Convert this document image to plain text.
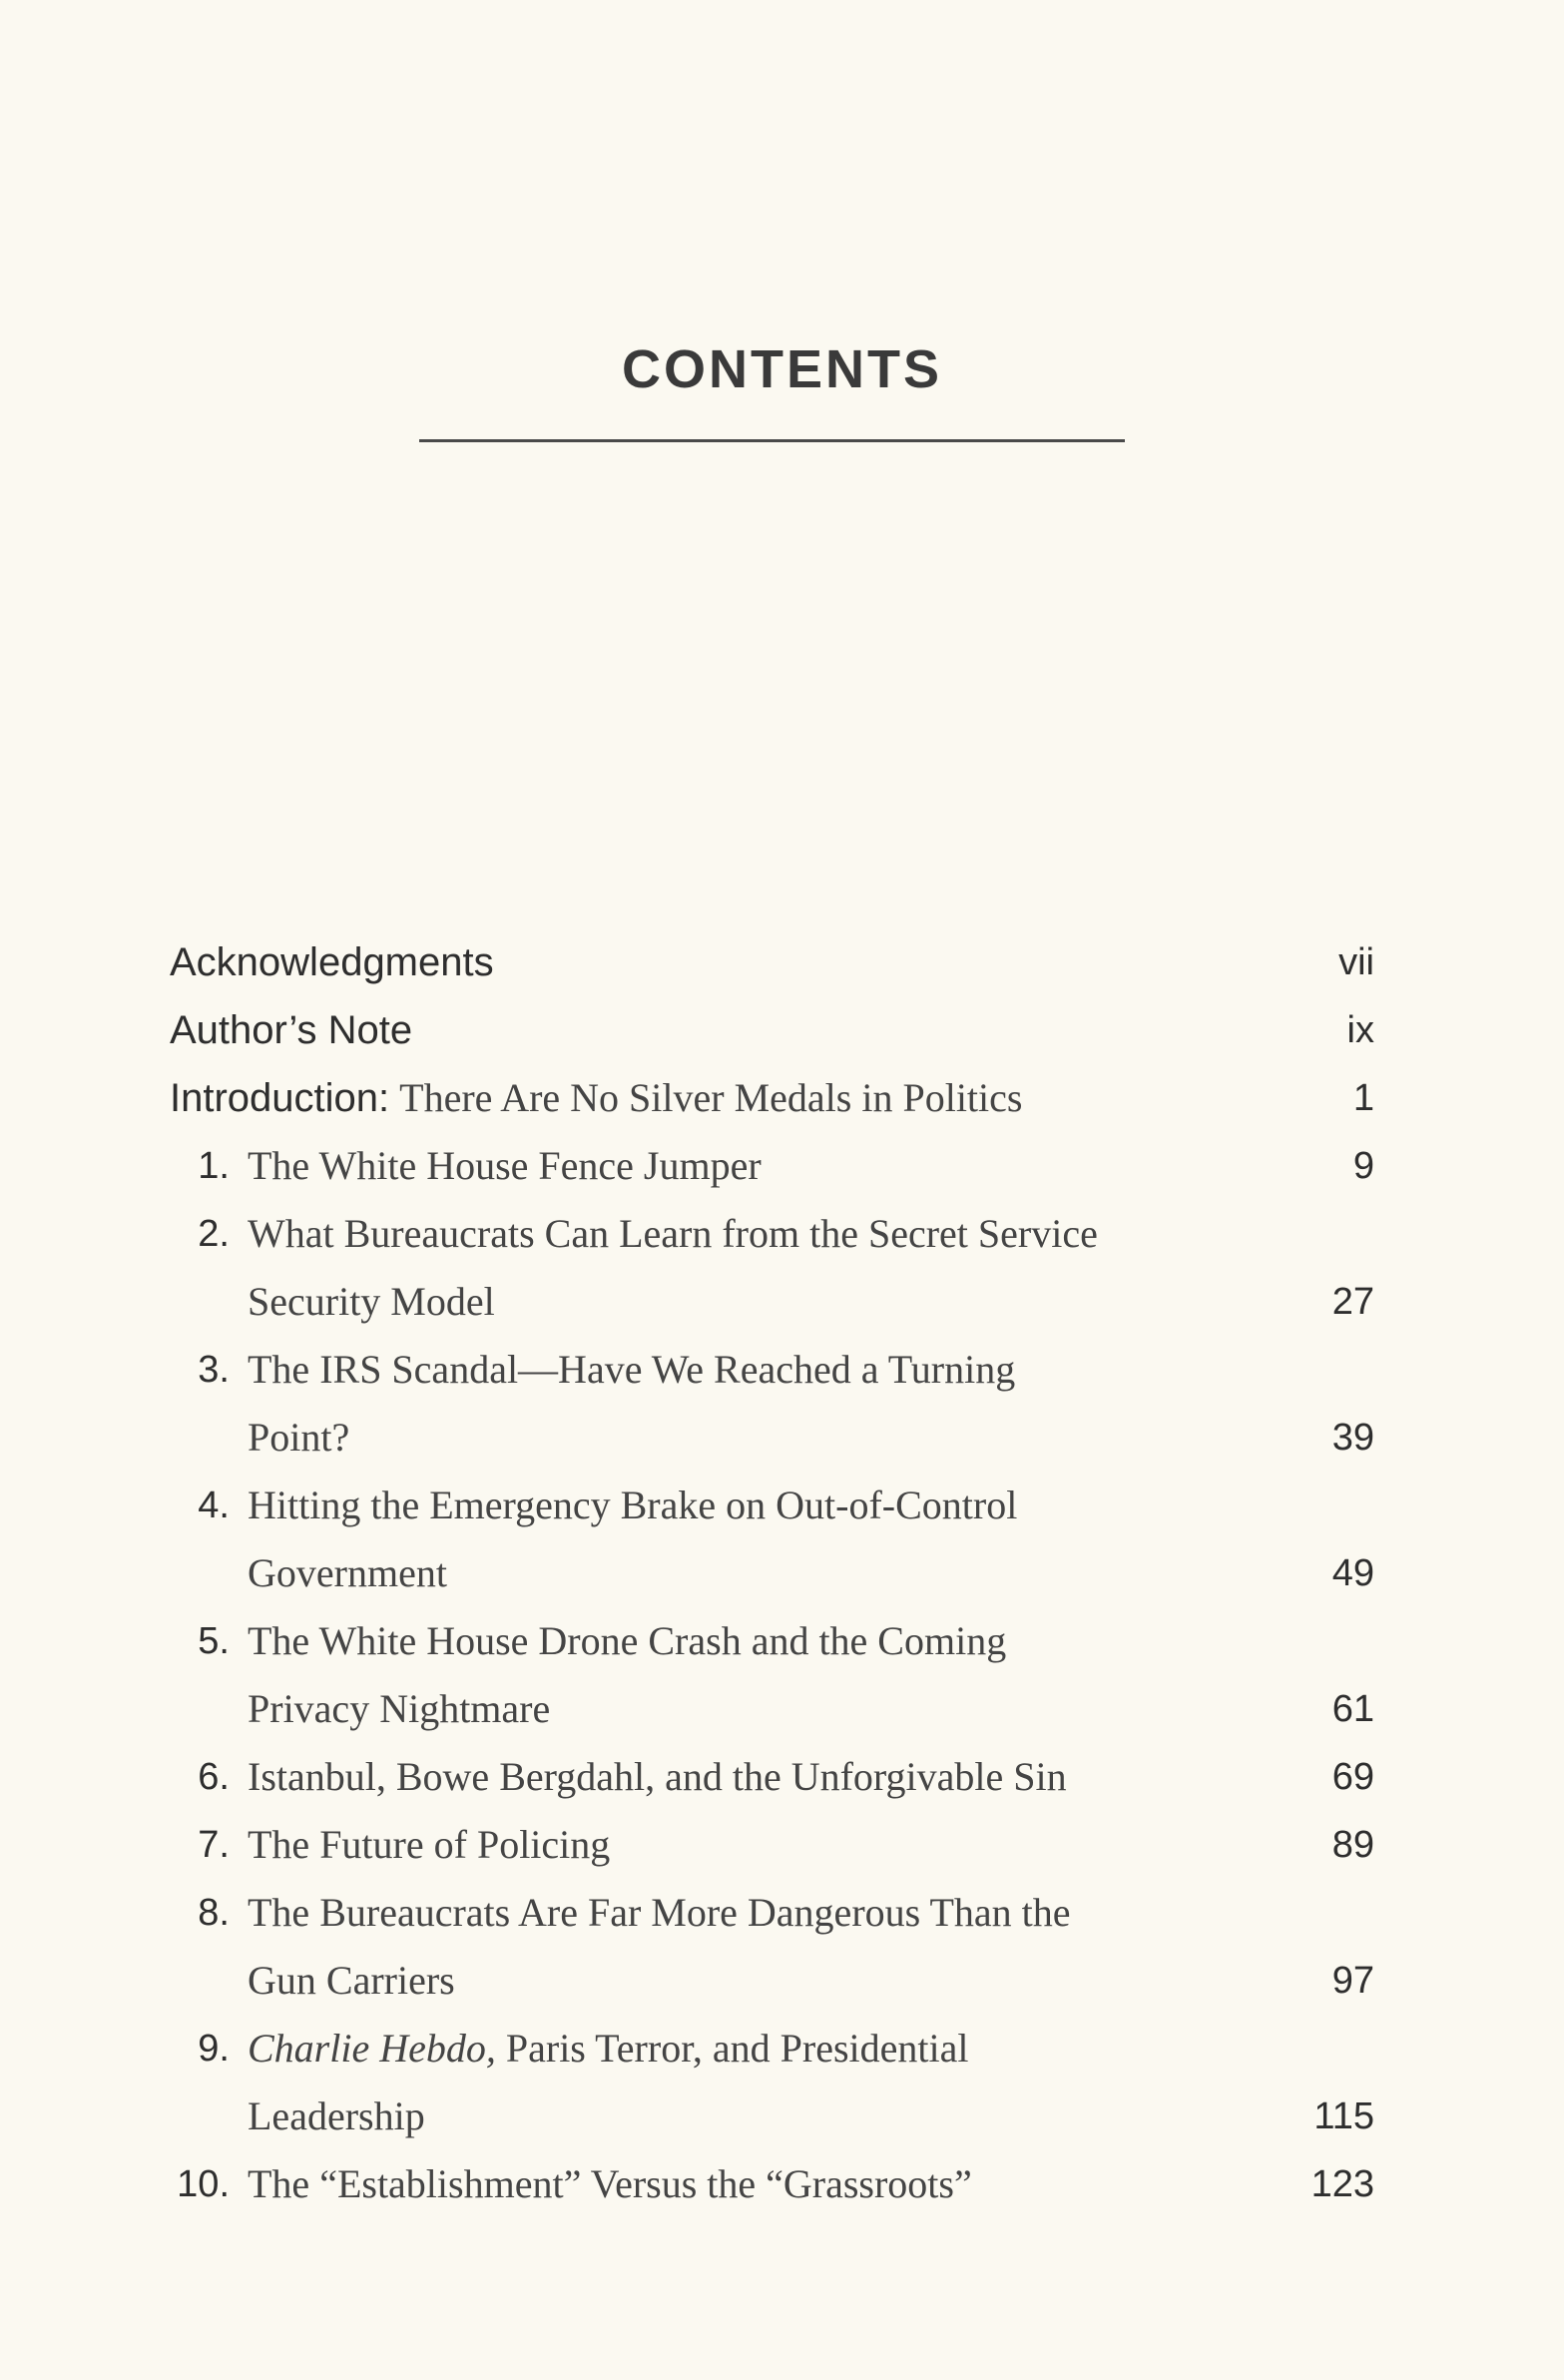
CONTENTS
Acknowledgments	vii
Author’s Note	ix
Introduction: There Are No Silver Medals in Politics	1
1. The White House Fence Jumper	9
2. What Bureaucrats Can Learn from the Secret Service
Security Model	27
3. The IRS Scandal—Have We Reached a Turning
Point?	39
4. Hitting the Emergency Brake on Out-of-Control
Government	49
5. The White House Drone Crash and the Coming
Privacy Nightmare	61
6. Istanbul, Bowe Bergdahl, and the Unforgivable Sin	69
7. The Future of Policing	89
8. The Bureaucrats Are Far More Dangerous Than the
Gun Carriers	97
9. Charlie Hebdo, Paris Terror, and Presidential
Leadership	115
10. The “Establishment” Versus the “Grassroots”	123
